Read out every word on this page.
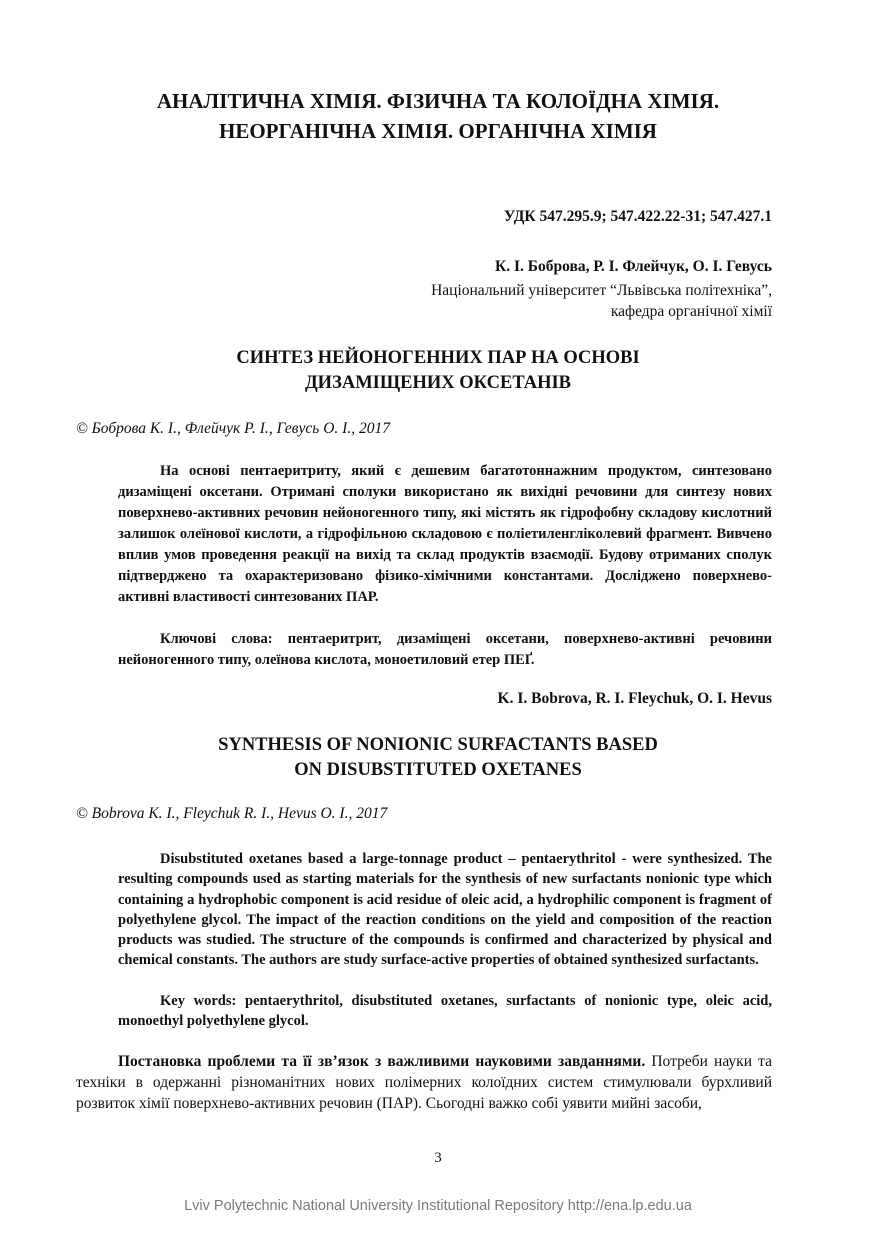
АНАЛІТИЧНА ХІМІЯ. ФІЗИЧНА ТА КОЛОЇДНА ХІМІЯ.
НЕОРГАНІЧНА ХІМІЯ. ОРГАНІЧНА ХІМІЯ
УДК 547.295.9; 547.422.22-31; 547.427.1
К. І. Боброва, Р. І. Флейчук, О. І. Гевусь
Національний університет “Львівська політехніка”,
кафедра органічної хімії
СИНТЕЗ НЕЙОНОГЕННИХ ПАР НА ОСНОВІ
ДИЗАМІЩЕНИХ ОКСЕТАНІВ
© Боброва К. І., Флейчук Р. І., Гевусь О. І., 2017

На основі пентаеритриту, який є дешевим багатотоннажним продуктом, синтезовано дизаміщені оксетани. Отримані сполуки використано як вихідні речовини для синтезу нових поверхнево-активних речовин нейоногенного типу, які містять як гідрофобну складову кислотний залишок олеїнової кислоти, а гідрофільною складовою є поліетиленгліколевий фрагмент. Вивчено вплив умов проведення реакції на вихід та склад продуктів взаємодії. Будову отриманих сполук підтверджено та охарактеризовано фізико-хімічними константами. Досліджено поверхнево-активні властивості синтезованих ПАР.

Ключові слова: пентаеритрит, дизаміщені оксетани, поверхнево-активні речовини нейоногенного типу, олеїнова кислота, моноетиловий етер ПЕҐ.

K. I. Bobrova, R. I. Fleychuk, O. I. Hevus
SYNTHESIS OF NONIONIC SURFACTANTS BASED
ON DISUBSTITUTED OXETANES
© Bobrova K. I., Fleychuk R. I., Hevus O. I., 2017

Disubstituted oxetanes based a large-tonnage product – pentaerythritol - were synthesized. The resulting compounds used as starting materials for the synthesis of new surfactants nonionic type which containing a hydrophobic component is acid residue of oleic acid, a hydrophilic component is fragment of polyethylene glycol. The impact of the reaction conditions on the yield and composition of the reaction products was studied. The structure of the compounds is confirmed and characterized by physical and chemical constants. The authors are study surface-active properties of obtained synthesized surfactants.

Key words: pentaerythritol, disubstituted oxetanes, surfactants of nonionic type, oleic acid, monoethyl polyethylene glycol.

Постановка проблеми та її зв’язок з важливими науковими завданнями. Потреби науки та техніки в одержанні різноманітних нових полімерних колоїдних систем стимулювали бурхливий розвиток хімії поверхнево-активних речовин (ПАР). Сьогодні важко собі уявити мийні засоби,

3
Lviv Polytechnic National University Institutional Repository http://ena.lp.edu.ua
